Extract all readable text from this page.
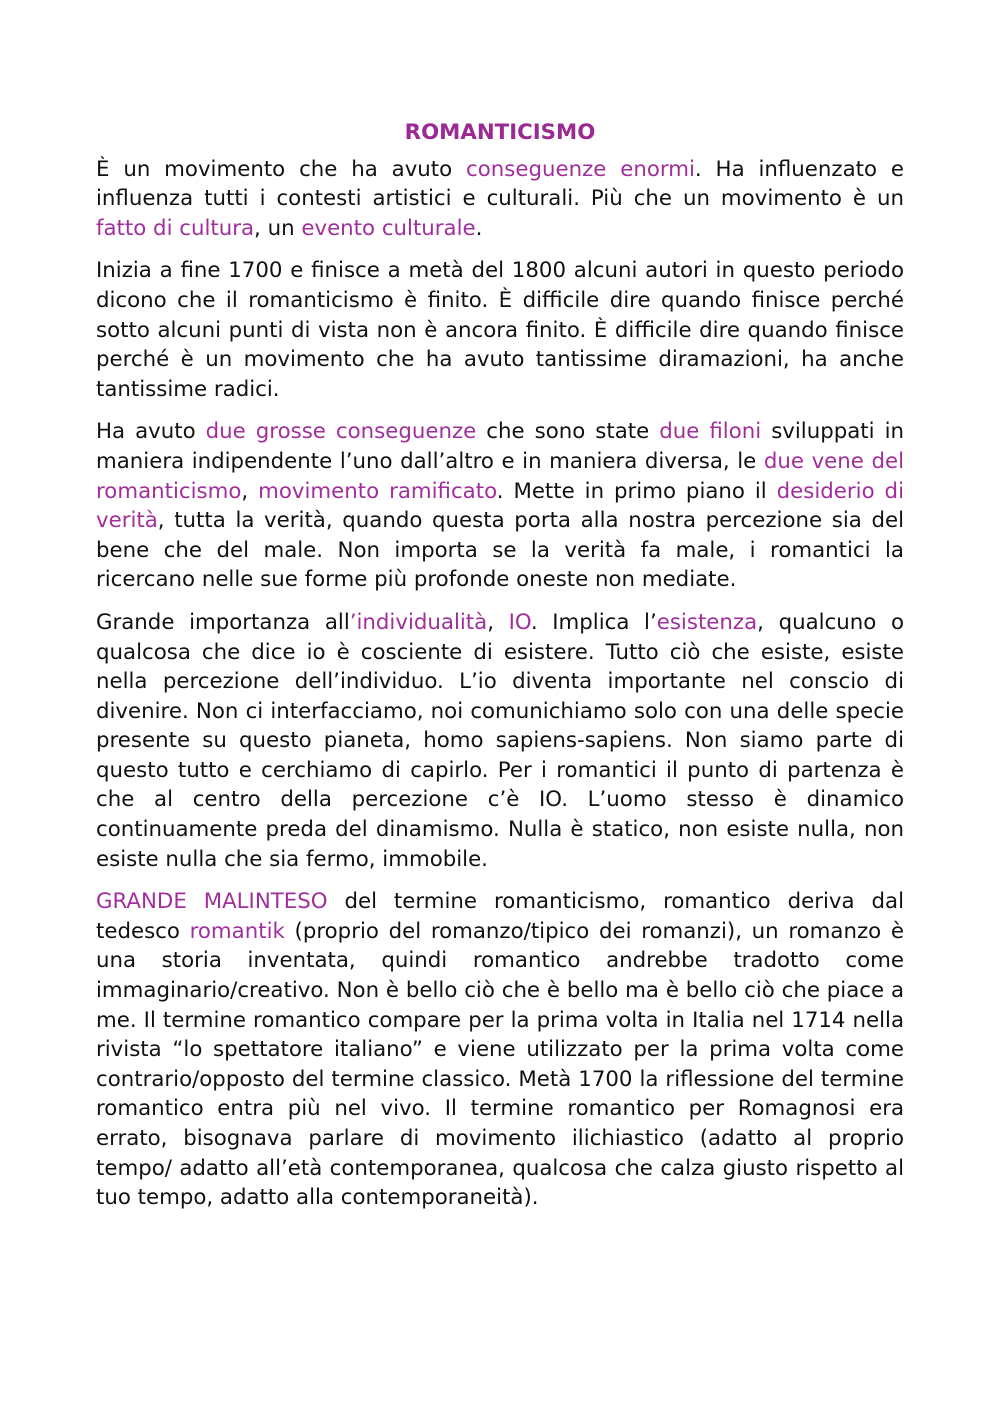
ROMANTICISMO

È un movimento che ha avuto conseguenze enormi. Ha influenzato e influenza tutti i contesti artistici e culturali. Più che un movimento è un fatto di cultura, un evento culturale.

Inizia a fine 1700 e finisce a metà del 1800 alcuni autori in questo periodo dicono che il romanticismo è finito. È difficile dire quando finisce perché sotto alcuni punti di vista non è ancora finito. È difficile dire quando finisce perché è un movimento che ha avuto tantissime diramazioni, ha anche tantissime radici.

Ha avuto due grosse conseguenze che sono state due filoni sviluppati in maniera indipendente l’uno dall’altro e in maniera diversa, le due vene del romanticismo, movimento ramificato. Mette in primo piano il desiderio di verità, tutta la verità, quando questa porta alla nostra percezione sia del bene che del male. Non importa se la verità fa male, i romantici la ricercano nelle sue forme più profonde oneste non mediate.

Grande importanza all’individualità, IO. Implica l’esistenza, qualcuno o qualcosa che dice io è cosciente di esistere. Tutto ciò che esiste, esiste nella percezione dell’individuo. L’io diventa importante nel conscio di divenire. Non ci interfacciamo, noi comunichiamo solo con una delle specie presente su questo pianeta, homo sapiens-sapiens. Non siamo parte di questo tutto e cerchiamo di capirlo. Per i romantici il punto di partenza è che al centro della percezione c’è IO. L’uomo stesso è dinamico continuamente preda del dinamismo. Nulla è statico, non esiste nulla, non esiste nulla che sia fermo, immobile.

GRANDE MALINTESO del termine romanticismo, romantico deriva dal tedesco romantik (proprio del romanzo/tipico dei romanzi), un romanzo è una storia inventata, quindi romantico andrebbe tradotto come immaginario/creativo. Non è bello ciò che è bello ma è bello ciò che piace a me. Il termine romantico compare per la prima volta in Italia nel 1714 nella rivista “lo spettatore italiano” e viene utilizzato per la prima volta come contrario/opposto del termine classico. Metà 1700 la riflessione del termine romantico entra più nel vivo. Il termine romantico per Romagnosi era errato, bisognava parlare di movimento ilichiastico (adatto al proprio tempo/ adatto all’età contemporanea, qualcosa che calza giusto rispetto al tuo tempo, adatto alla contemporaneità).
